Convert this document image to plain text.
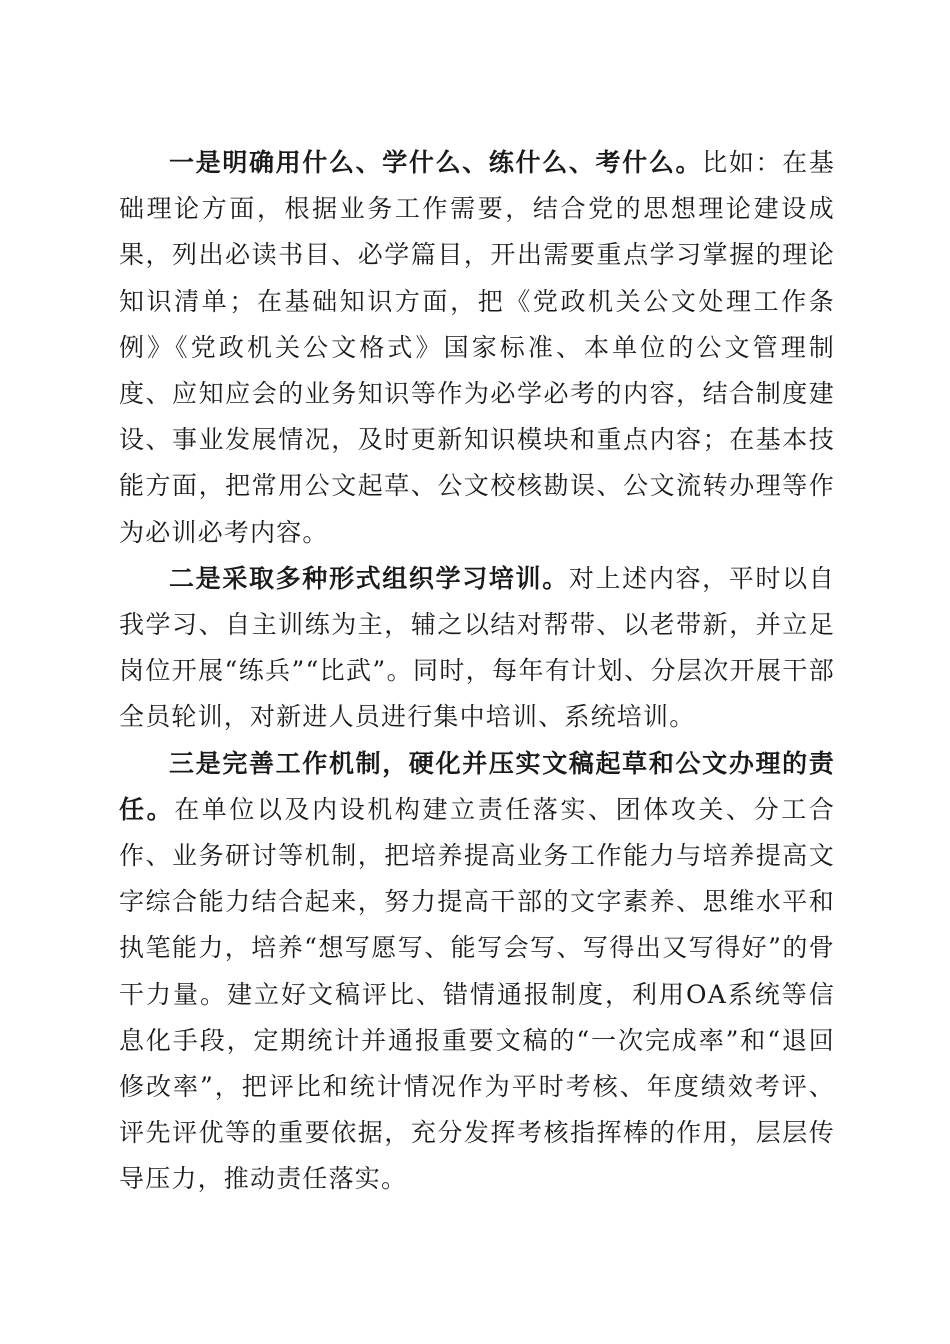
一是明确用什么、学什么、练什么、考什么。比如：在基础理论方面，根据业务工作需要，结合党的思想理论建设成果，列出必读书目、必学篇目，开出需要重点学习掌握的理论知识清单；在基础知识方面，把《党政机关公文处理工作条例》《党政机关公文格式》国家标准、本单位的公文管理制度、应知应会的业务知识等作为必学必考的内容，结合制度建设、事业发展情况，及时更新知识模块和重点内容；在基本技能方面，把常用公文起草、公文校核勘误、公文流转办理等作为必训必考内容。

二是采取多种形式组织学习培训。对上述内容，平时以自我学习、自主训练为主，辅之以结对帮带、以老带新，并立足岗位开展“练兵”“比武”。同时，每年有计划、分层次开展干部全员轮训，对新进人员进行集中培训、系统培训。

三是完善工作机制，硬化并压实文稿起草和公文办理的责任。在单位以及内设机构建立责任落实、团体攻关、分工合作、业务研讨等机制，把培养提高业务工作能力与培养提高文字综合能力结合起来，努力提高干部的文字素养、思维水平和执笔能力，培养“想写愿写、能写会写、写得出又写得好”的骨干力量。建立好文稿评比、错情通报制度，利用OA系统等信息化手段，定期统计并通报重要文稿的“一次完成率”和“退回修改率”，把评比和统计情况作为平时考核、年度绩效考评、评先评优等的重要依据，充分发挥考核指挥棒的作用，层层传导压力，推动责任落实。
